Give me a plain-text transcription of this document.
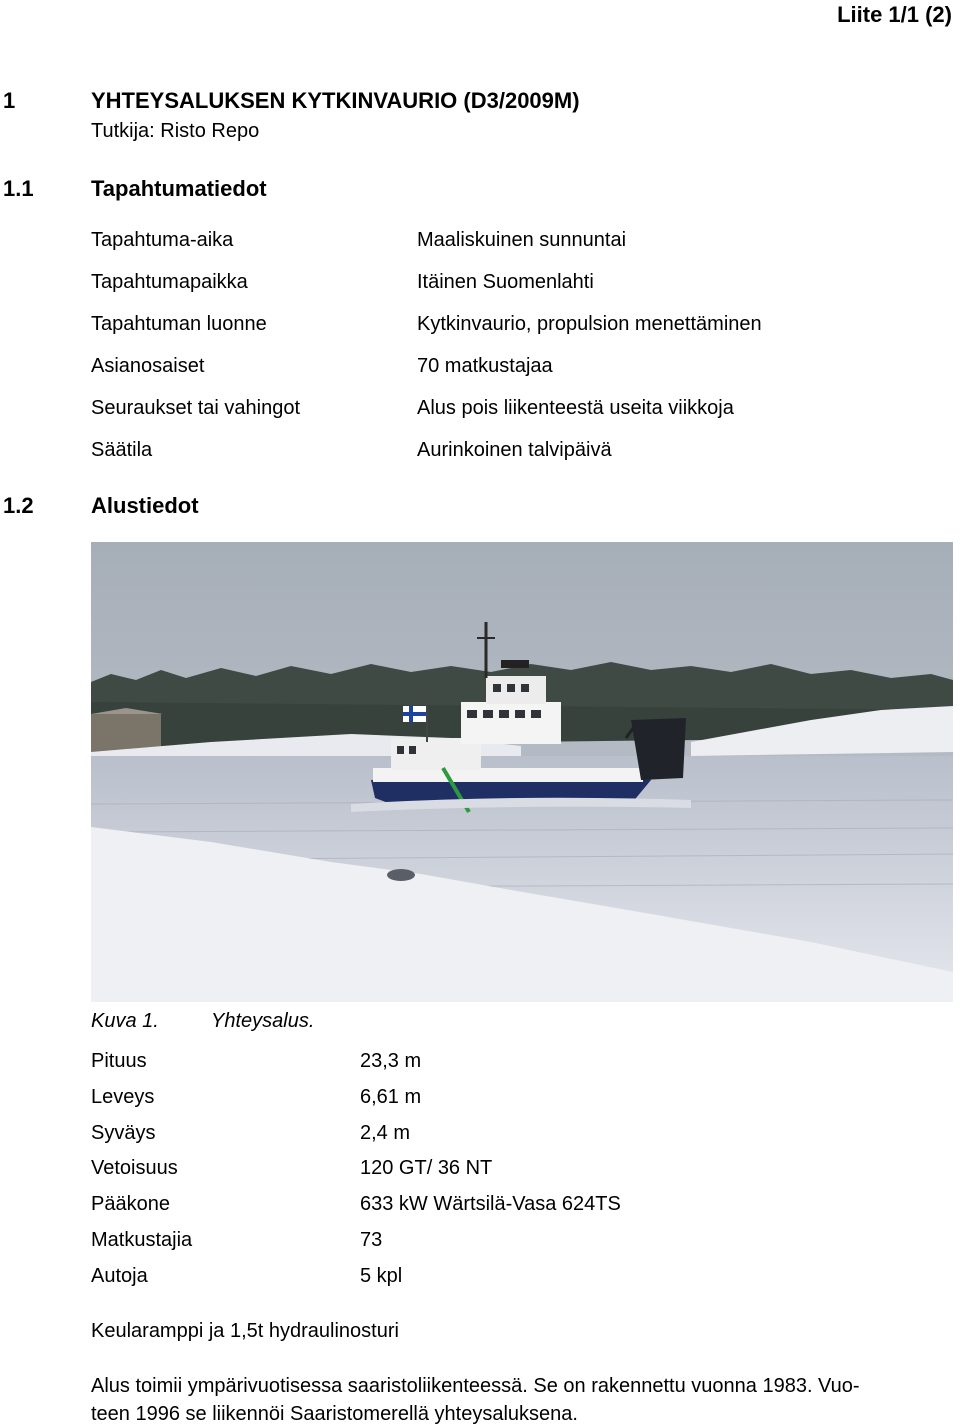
Liite 1/1 (2)
1	YHTEYSALUKSEN KYTKINVAURIO (D3/2009M)
Tutkija: Risto Repo
1.1	Tapahtumatiedot
Tapahtuma-aika	Maaliskuinen sunnuntai
Tapahtumapaikka	Itäinen Suomenlahti
Tapahtuman luonne	Kytkinvaurio, propulsion menettäminen
Asianosaiset	70 matkustajaa
Seuraukset tai vahingot	Alus pois liikenteestä useita viikkoja
Säätila	Aurinkoinen talvipäivä
1.2	Alustiedot
Kuva 1.	Yhteysalus.
Pituus	23,3 m
Leveys	6,61 m
Syväys	2,4 m
Vetoisuus	120 GT/ 36 NT
Pääkone	633 kW Wärtsilä-Vasa 624TS
Matkustajia	73
Autoja	5 kpl
Keularamppi ja 1,5t hydraulinosturi
Alus toimii ympärivuotisessa saaristoliikenteessä. Se on rakennettu vuonna 1983. Vuo-
teen 1996 se liikennöi Saaristomerellä yhteysaluksena.
